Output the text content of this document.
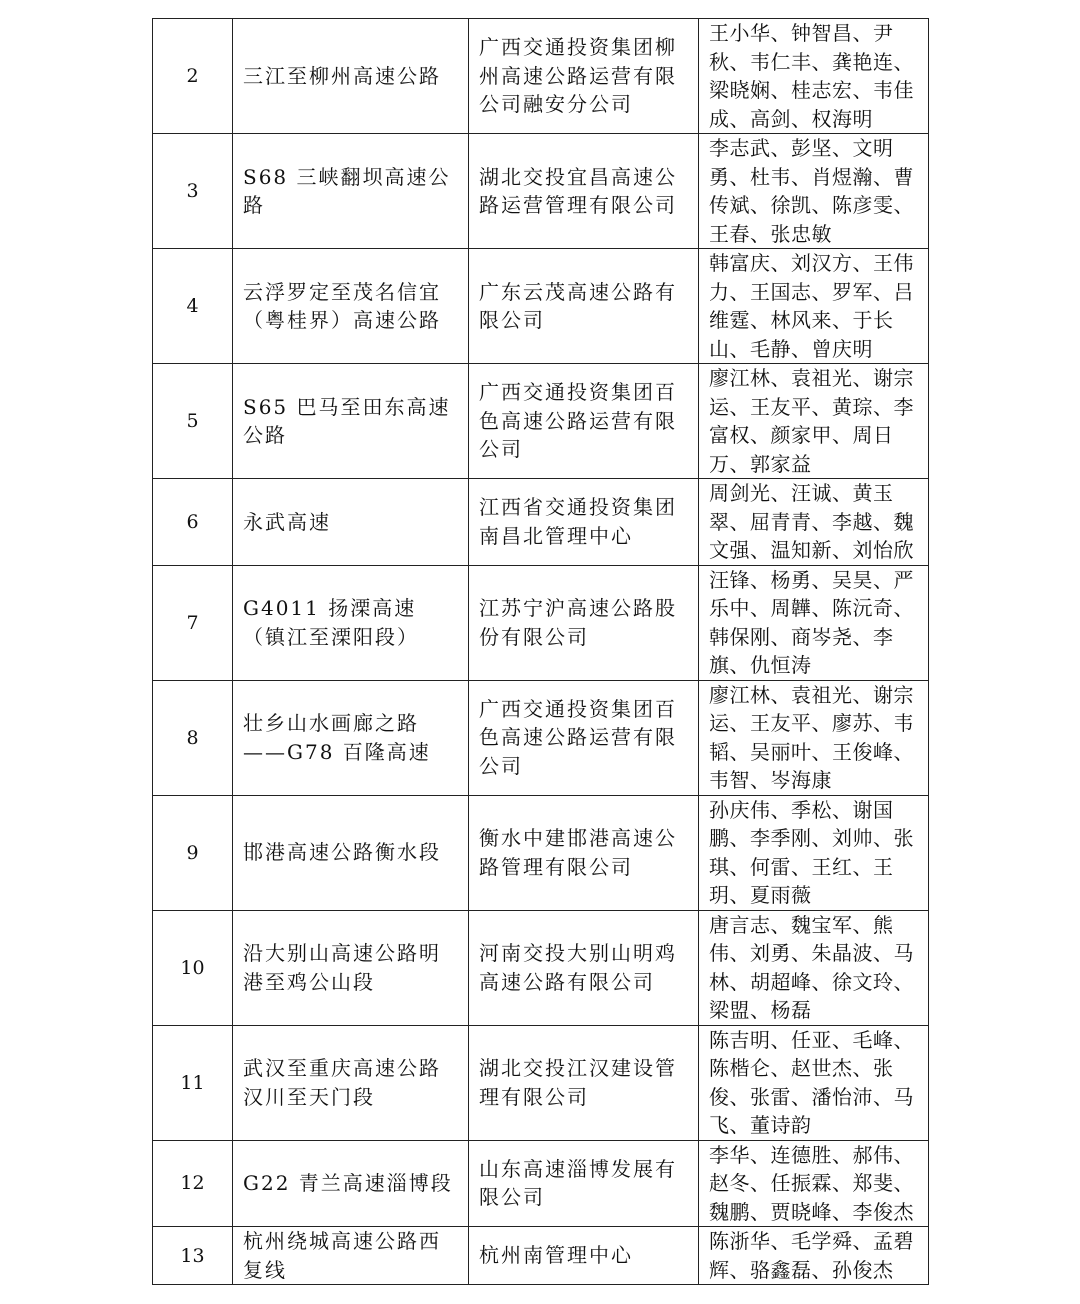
2	三江至柳州高速公路	广西交通投资集团柳州高速公路运营有限公司融安分公司	王小华、钟智昌、尹秋、韦仁丰、龚艳连、梁晓娴、桂志宏、韦佳成、高剑、权海明

3	S68 三峡翻坝高速公路	湖北交投宜昌高速公路运营管理有限公司	李志武、彭坚、文明勇、杜韦、肖煜瀚、曹传斌、徐凯、陈彦雯、王春、张忠敏

4	云浮罗定至茂名信宜（粤桂界）高速公路	广东云茂高速公路有限公司	韩富庆、刘汉方、王伟力、王国志、罗军、吕维霆、林风来、于长山、毛静、曾庆明

5	S65 巴马至田东高速公路	广西交通投资集团百色高速公路运营有限公司	廖江林、袁祖光、谢宗运、王友平、黄琮、李富权、颜家甲、周日万、郭家益

6	永武高速	江西省交通投资集团南昌北管理中心	周剑光、汪诚、黄玉翠、屈青青、李越、魏文强、温知新、刘怡欣

7	G4011 扬溧高速（镇江至溧阳段）	江苏宁沪高速公路股份有限公司	汪锋、杨勇、吴昊、严乐中、周韡、陈沅奇、韩保刚、商岑尧、李旗、仇恒涛

8	壮乡山水画廊之路——G78 百隆高速	广西交通投资集团百色高速公路运营有限公司	廖江林、袁祖光、谢宗运、王友平、廖苏、韦韬、吴丽叶、王俊峰、韦智、岑海康

9	邯港高速公路衡水段	衡水中建邯港高速公路管理有限公司	孙庆伟、季松、谢国鹏、李季刚、刘帅、张琪、何雷、王红、王玥、夏雨薇

10	沿大别山高速公路明港至鸡公山段	河南交投大别山明鸡高速公路有限公司	唐言志、魏宝军、熊伟、刘勇、朱晶波、马林、胡超峰、徐文玲、梁盟、杨磊

11	武汉至重庆高速公路汉川至天门段	湖北交投江汉建设管理有限公司	陈吉明、任亚、毛峰、陈楷仑、赵世杰、张俊、张雷、潘怡沛、马飞、董诗韵

12	G22 青兰高速淄博段	山东高速淄博发展有限公司	李华、连德胜、郝伟、赵冬、任振霖、郑斐、魏鹏、贾晓峰、李俊杰

13	杭州绕城高速公路西复线	杭州南管理中心	陈浙华、毛学舜、孟碧辉、骆鑫磊、孙俊杰
